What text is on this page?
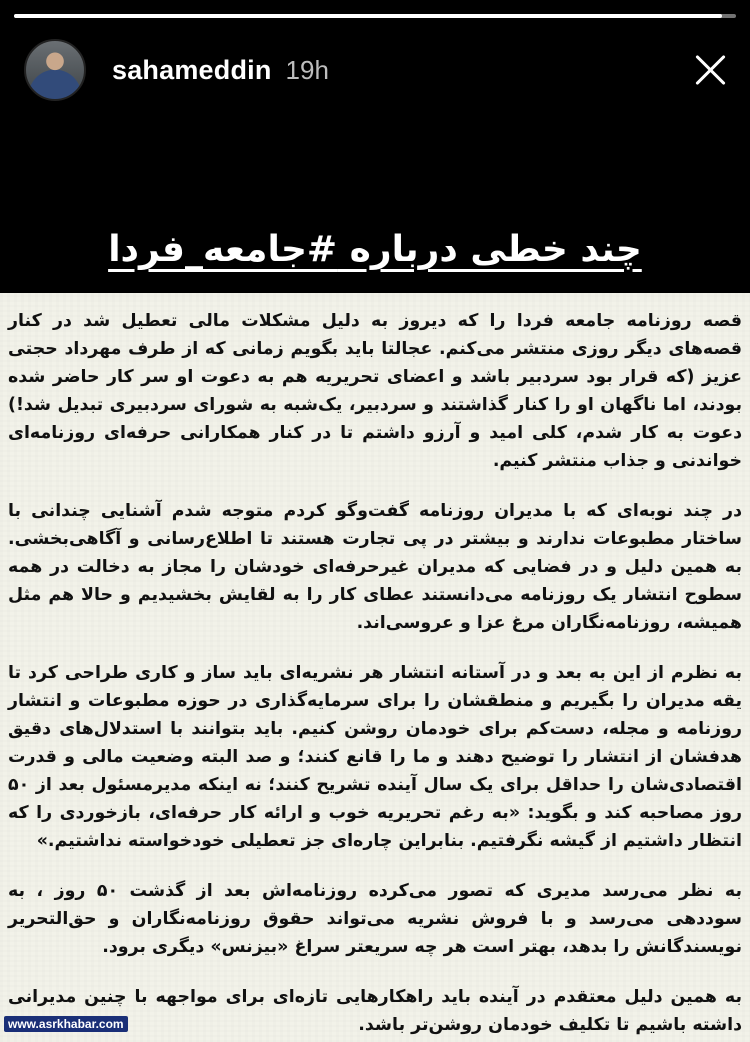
sahameddin 19h
چند خطی درباره #جامعه_فردا

قصه روزنامه جامعه فردا را که دیروز به دلیل مشکلات مالی تعطیل شد در کنار قصه‌های دیگر روزی منتشر می‌کنم. عجالتا باید بگویم زمانی که از طرف مهرداد حجتی عزیز (که قرار بود سردبیر باشد و اعضای تحریریه هم به دعوت او سر کار حاضر شده بودند، اما ناگهان او را کنار گذاشتند و سردبیر، یک‌شبه به شورای سردبیری تبدیل شد!) دعوت به کار شدم، کلی امید و آرزو داشتم تا در کنار همکارانی حرفه‌ای روزنامه‌ای خواندنی و جذاب منتشر کنیم.

در چند نوبه‌ای که با مدیران روزنامه گفت‌وگو کردم متوجه شدم آشنایی چندانی با ساختار مطبوعات ندارند و بیشتر در پی تجارت هستند تا اطلاع‌رسانی و آگاهی‌بخشی. به همین دلیل و در فضایی که مدیران غیرحرفه‌ای خودشان را مجاز به دخالت در همه سطوح انتشار یک روزنامه می‌دانستند عطای کار را به لقایش بخشیدیم و حالا هم مثل همیشه، روزنامه‌نگاران مرغ عزا و عروسی‌اند.

به نظرم از این به بعد و در آستانه انتشار هر نشریه‌ای باید ساز و کاری طراحی کرد تا یقه مدیران را بگیریم و منطقشان را برای سرمایه‌گذاری در حوزه مطبوعات و انتشار روزنامه و مجله، دست‌کم برای خودمان روشن کنیم. باید بتوانند با استدلال‌های دقیق هدفشان از انتشار را توضیح دهند و ما را قانع کنند؛ و صد البته وضعیت مالی و قدرت اقتصادی‌شان را حداقل برای یک سال آینده تشریح کنند؛ نه اینکه مدیرمسئول بعد از ۵۰ روز مصاحبه کند و بگوید: «به رغم تحریریه خوب و ارائه کار حرفه‌ای، بازخوردی را که انتظار داشتیم از گیشه نگرفتیم. بنابراین چاره‌ای جز تعطیلی خودخواسته نداشتیم.»

به نظر می‌رسد مدیری که تصور می‌کرده روزنامه‌اش بعد از گذشت ۵۰ روز ، به سوددهی می‌رسد و با فروش نشریه می‌تواند حقوق روزنامه‌نگاران و حق‌التحریر نویسندگانش را بدهد، بهتر است هر چه سریعتر سراغ «بیزنس» دیگری برود.

به همین دلیل معتقدم در آینده باید راهکارهایی تازه‌ای برای مواجهه با چنین مدیرانی داشته باشیم تا تکلیف خودمان روشن‌تر باشد.

www.asrkhabar.com
